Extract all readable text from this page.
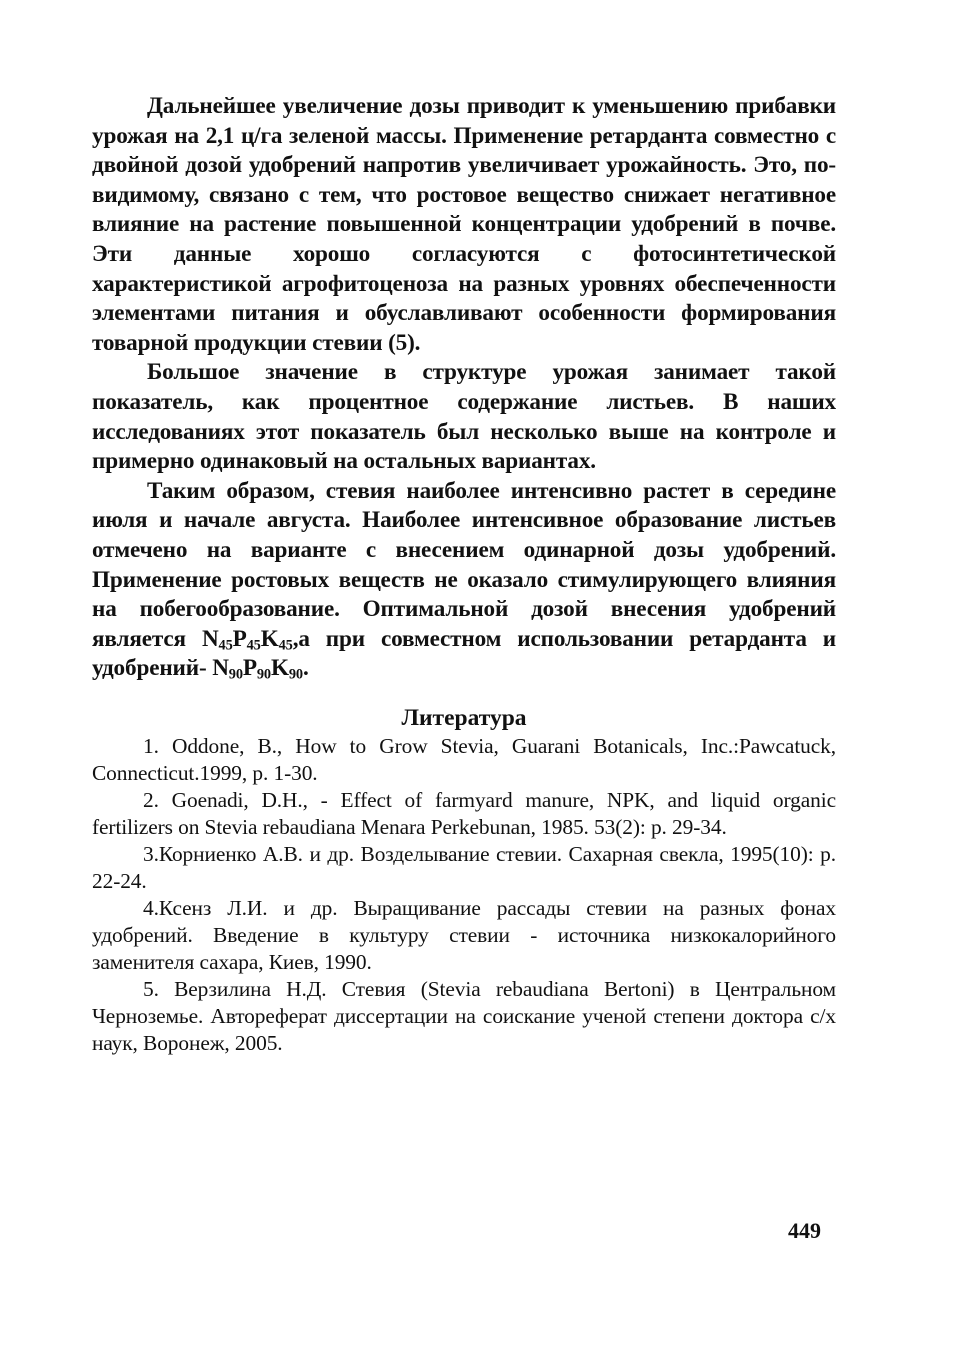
Дальнейшее увеличение дозы приводит к уменьшению прибавки урожая на 2,1 ц/га зеленой массы. Применение ретарданта совместно с двойной дозой удобрений напротив увеличивает урожайность. Это, по-видимому, связано с тем, что ростовое вещество снижает негативное влияние на растение повышенной концентрации удобрений в почве. Эти данные хорошо согласуются с фотосинтетической характеристикой агрофитоценоза на разных уровнях обеспеченности элементами питания и обуславливают особенности формирования товарной продукции стевии (5).

Большое значение в структуре урожая занимает такой показатель, как процентное содержание листьев. В наших исследованиях этот показатель был несколько выше на контроле и примерно одинаковый на остальных вариантах.

Таким образом, стевия наиболее интенсивно растет в середине июля и начале августа. Наиболее интенсивное образование листьев отмечено на варианте с внесением одинарной дозы удобрений. Применение ростовых веществ не оказало стимулирующего влияния на побегообразование. Оптимальной дозой внесения удобрений является $N_{45}P_{45}K_{45},а$ при совместном использовании ретарданта и удобрений- $N_{90}P_{90}K_{90}$.

Литература
1. Oddone, B., How to Grow Stevia, Guarani Botanicals, Inc.:Pawcatuck, Connecticut.1999, p. 1-30.
2. Goenadi, D.H., - Effect of farmyard manure, NPK, and liquid organic fertilizers on Stevia rebaudiana Menara Perkebunan, 1985. 53(2): p. 29-34.
3.Корниенко А.В. и др. Возделывание стевии. Сахарная свекла, 1995(10): p. 22-24.
4.Ксенз Л.И. и др. Выращивание рассады стевии на разных фонах удобрений. Введение в культуру стевии - источника низкокалорийного заменителя сахара, Киев, 1990.
5. Верзилина Н.Д. Стевия (Stevia rebaudiana Bertoni) в Центральном Черноземье. Автореферат диссертации на соискание ученой степени доктора с/х наук, Воронеж, 2005.
449
